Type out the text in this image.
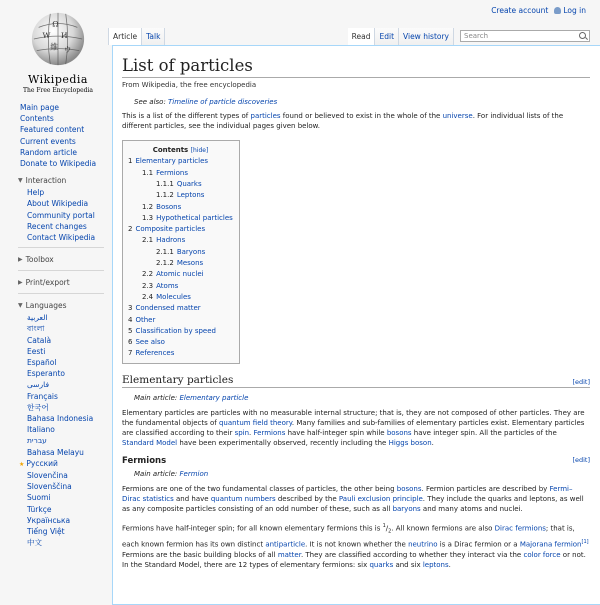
Create account	Log in
Ω
W И
維 ウ
Wikipedia
The Free Encyclopedia
Main page
Contents
Featured content
Current events
Random article
Donate to Wikipedia
▼ Interaction
Help
About Wikipedia
Community portal
Recent changes
Contact Wikipedia
▶ Toolbox
▶ Print/export
▼ Languages
العربية
বাংলা
Català
Eesti
Español
Esperanto
فارسی
Français
한국어
Bahasa Indonesia
Italiano
עברית
Bahasa Melayu
★ Русский
Slovenčina
Slovenščina
Suomi
Türkçe
Українська
Tiếng Việt
中文
Article	Talk	Read	Edit	View history	Search
List of particles
From Wikipedia, the free encyclopedia
See also: Timeline of particle discoveries

This is a list of the different types of particles found or believed to exist in the whole of the universe. For individual lists of the different particles, see the individual pages given below.

Contents [hide]
1 Elementary particles
1.1 Fermions
1.1.1 Quarks
1.1.2 Leptons
1.2 Bosons
1.3 Hypothetical particles
2 Composite particles
2.1 Hadrons
2.1.1 Baryons
2.1.2 Mesons
2.2 Atomic nuclei
2.3 Atoms
2.4 Molecules
3 Condensed matter
4 Other
5 Classification by speed
6 See also
7 References
Elementary particles	[edit]
Main article: Elementary particle

Elementary particles are particles with no measurable internal structure; that is, they are not composed of other particles. They are the fundamental objects of quantum field theory. Many families and sub-families of elementary particles exist. Elementary particles are classified according to their spin. Fermions have half-integer spin while bosons have integer spin. All the particles of the Standard Model have been experimentally observed, recently including the Higgs boson.

Fermions	[edit]
Main article: Fermion

Fermions are one of the two fundamental classes of particles, the other being bosons. Fermion particles are described by Fermi–Dirac statistics and have quantum numbers described by the Pauli exclusion principle. They include the quarks and leptons, as well as any composite particles consisting of an odd number of these, such as all baryons and many atoms and nuclei.

Fermions have half-integer spin; for all known elementary fermions this is $^1/_2$. All known fermions are also Dirac fermions; that is, each known fermion has its own distinct antiparticle. It is not known whether the neutrino is a Dirac fermion or a Majorana fermion[1] Fermions are the basic building blocks of all matter. They are classified according to whether they interact via the color force or not. In the Standard Model, there are 12 types of elementary fermions: six quarks and six leptons.
